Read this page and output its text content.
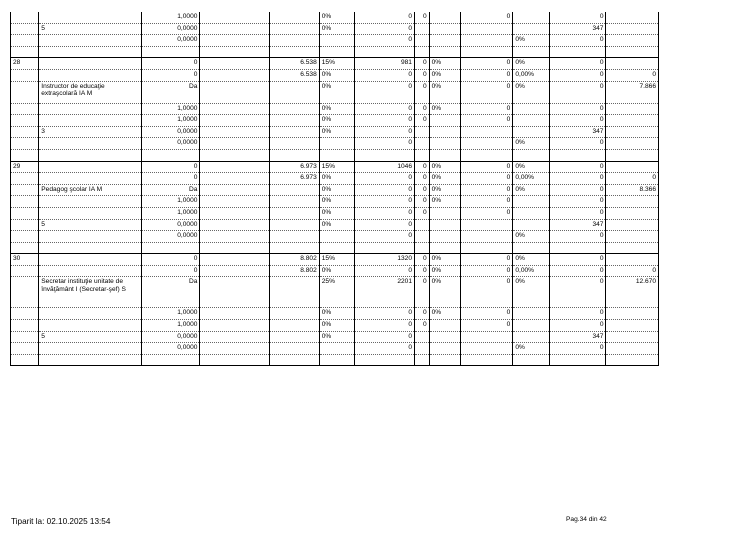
		1,0000			0%	0	0		0		0	
	5	0,0000			0%	0					347	
		0,0000				0				0%	0	

28		0		6.538	15%	981	0	0%	0	0%	0	
		0		6.538	0%	0	0	0%	0	0,00%	0	0
	Instructor de educaţie extraşcolară IA M	Da			0%	0	0	0%	0	0%	0	7.866
		1,0000			0%	0	0	0%	0		0	
		1,0000			0%	0	0		0		0	
	3	0,0000			0%	0					347	
		0,0000				0				0%	0	

29		0		6.973	15%	1046	0	0%	0	0%	0	
		0		6.973	0%	0	0	0%	0	0,00%	0	0
	Pedagog şcolar IA M	Da			0%	0	0	0%	0	0%	0	8.366
		1,0000			0%	0	0	0%	0		0	
		1,0000			0%	0	0		0		0	
	5	0,0000			0%	0					347	
		0,0000				0				0%	0	

30		0		8.802	15%	1320	0	0%	0	0%	0	
		0		8.802	0%	0	0	0%	0	0,00%	0	0
	Secretar instituţie unitate de învăţământ I (Secretar-şef) S	Da			25%	2201	0	0%	0	0%	0	12.670
		1,0000			0%	0	0	0%	0		0	
		1,0000			0%	0	0		0		0	
	5	0,0000			0%	0					347	
		0,0000				0				0%	0	

Tiparit la: 02.10.2025 13:54	Pag.34 din 42
